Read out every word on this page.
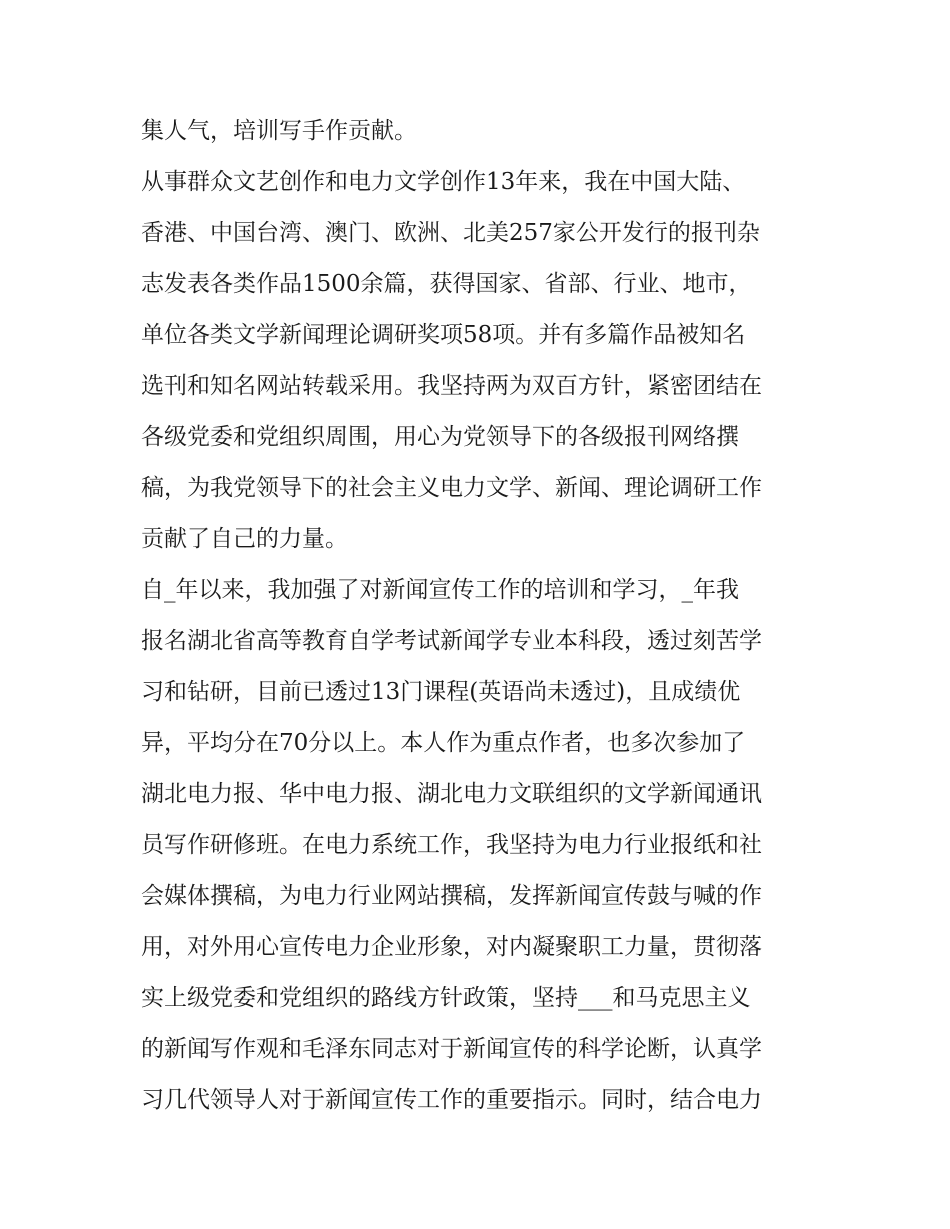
集人气，培训写手作贡献。
从事群众文艺创作和电力文学创作13年来，我在中国大陆、
香港、中国台湾、澳门、欧洲、北美257家公开发行的报刊杂
志发表各类作品1500余篇，获得国家、省部、行业、地市，
单位各类文学新闻理论调研奖项58项。并有多篇作品被知名
选刊和知名网站转载采用。我坚持两为双百方针，紧密团结在
各级党委和党组织周围，用心为党领导下的各级报刊网络撰
稿，为我党领导下的社会主义电力文学、新闻、理论调研工作
贡献了自己的力量。
自_年以来，我加强了对新闻宣传工作的培训和学习，_年我
报名湖北省高等教育自学考试新闻学专业本科段，透过刻苦学
习和钻研，目前已透过13门课程(英语尚未透过)，且成绩优
异，平均分在70分以上。本人作为重点作者，也多次参加了
湖北电力报、华中电力报、湖北电力文联组织的文学新闻通讯
员写作研修班。在电力系统工作，我坚持为电力行业报纸和社
会媒体撰稿，为电力行业网站撰稿，发挥新闻宣传鼓与喊的作
用，对外用心宣传电力企业形象，对内凝聚职工力量，贯彻落
实上级党委和党组织的路线方针政策，坚持___和马克思主义
的新闻写作观和毛泽东同志对于新闻宣传的科学论断，认真学
习几代领导人对于新闻宣传工作的重要指示。同时，结合电力
